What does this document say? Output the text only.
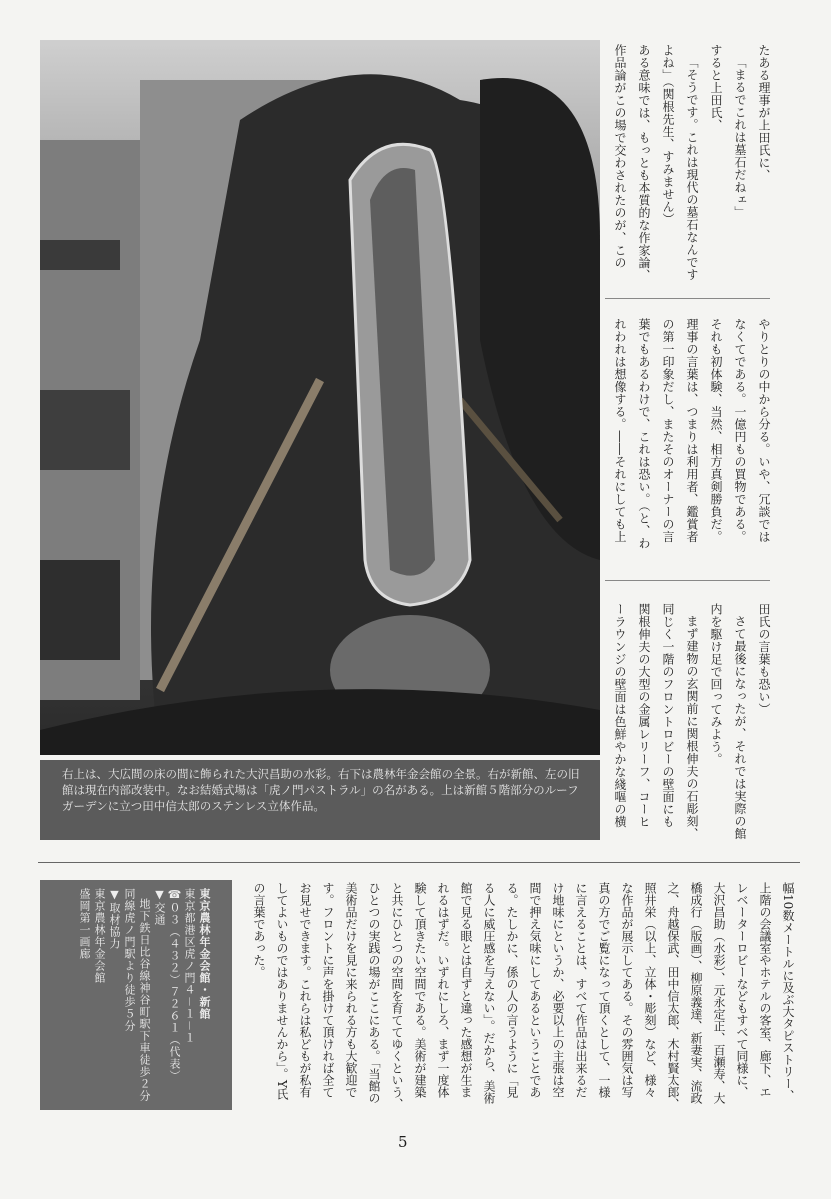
たある理事が上田氏に、
「まるでこれは墓石だねェ」
すると上田氏、
「そうです。これは現代の墓石なんです
よね」（関根先生、すみません）
ある意味では、もっとも本質的な作家論、
作品論がこの場で交わされたのが、この
やりとりの中から分る。いや、冗談では
なくてである。一億円もの買物である。
それも初体験、当然、相方真剣勝負だ。
理事の言葉は、つまりは利用者、鑑賞者
の第一印象だし、またそのオーナーの言
葉でもあるわけで、これは恐い。（と、わ
れわれは想像する。――それにしても上
田氏の言葉も恐い）
さて最後になったが、それでは実際の館
内を駆け足で回ってみよう。
まず建物の玄関前に関根伸夫の石彫刻、
同じく一階のフロントロビーの壁面にも
関根伸夫の大型の金属レリーフ、コーヒ
ーラウンジの壁面は色鮮やかな綫嘔の横
右上は、大広間の床の間に飾られた大沢昌助の水彩。右下は農林年金会館の全景。右が新館、左の旧館は現在内部改装中。なお結婚式場は「虎ノ門パストラル」の名がある。上は新館５階部分のルーフガーデンに立つ田中信太郎のステンレス立体作品。
幅10数メートルに及ぶ大タピストリー、
上階の会議室やホテルの客室、廊下、エ
レベーターロビーなどもすべて同様に、
大沢昌助（水彩）、元永定正、百瀬寿、大
橋成行（版画）、柳原義達、新妻実、流政
之、舟越保武、田中信太郎、木村賢太郎、
照井栄（以上、立体・彫刻）など、様々
な作品が展示してある。その雰囲気は写
真の方でご覧になって頂くとして、一様
に言えることは、すべて作品は出来るだ
け地味にというか、必要以上の主張は空
間で押え気味にしてあるということであ
る。たしかに、係の人の言うように「見
る人に威圧感を与えない」。だから、美術
館で見る眼とは自ずと違った感想が生ま
れるはずだ。いずれにしろ、まず一度体
験して頂きたい空間である。美術が建築
と共にひとつの空間を育ててゆくという、
ひとつの実践の場がここにある。「当館の
美術品だけを見に来られる方も大歓迎で
す。フロントに声を掛けて頂ければ全て
お見せできます。これらは私どもが私有
してよいものではありませんから」。Y氏
の言葉であった。
東京農林年金会館・新館
東京都港区虎ノ門４－１－１
☎０３（４３２）７２６１（代表）
▼交通
地下鉄日比谷線神谷町駅下車徒歩２分
同線虎ノ門駅より徒歩５分
▼取材協力
東京農林年金会館
盛岡第一画廊
5
